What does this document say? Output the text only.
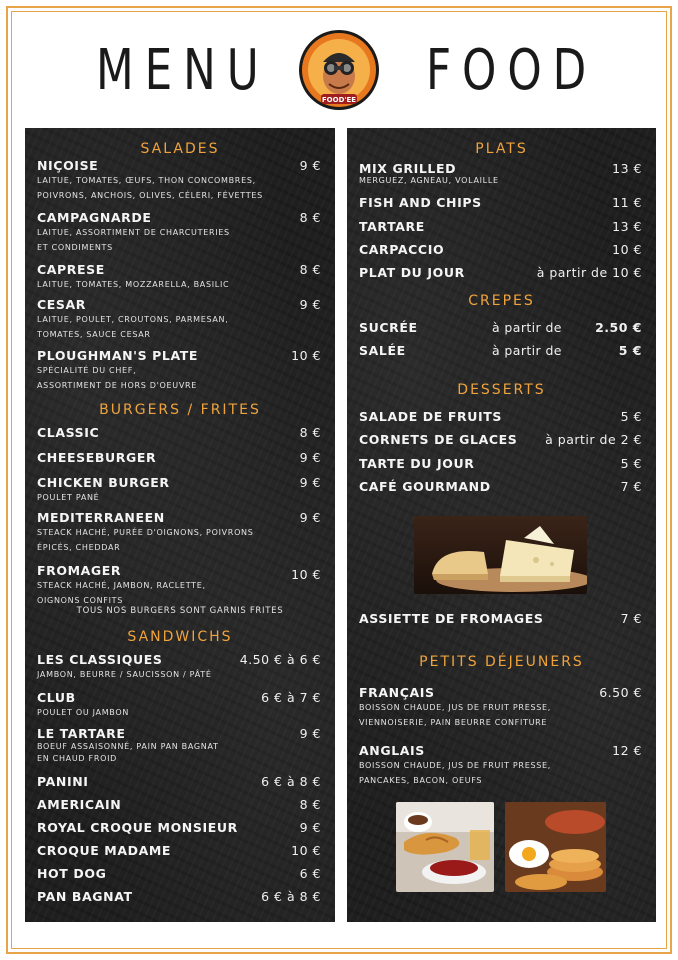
MENU	FOOD'EE FOOD
SALADES
NIÇOISE	9 €
LAITUE, TOMATES, ŒUFS, THON CONCOMBRES,
POIVRONS, ANCHOIS, OLIVES, CÉLERI, FÉVETTES
CAMPAGNARDE	8 €
LAITUE, ASSORTIMENT DE CHARCUTERIES
ET CONDIMENTS
CAPRESE	8 €
LAITUE, TOMATES, MOZZARELLA, BASILIC
CESAR	9 €
LAITUE, POULET, CROUTONS, PARMESAN,
TOMATES, SAUCE CESAR
PLOUGHMAN'S PLATE	10 €
SPÉCIALITÉ DU CHEF,
ASSORTIMENT DE HORS D'OEUVRE
BURGERS / FRITES
CLASSIC	8 €
CHEESEBURGER	9 €
CHICKEN BURGER	9 €
POULET PANÉ
MEDITERRANEEN	9 €
STEACK HACHÉ, PURÉE D'OIGNONS, POIVRONS
ÉPICÉS, CHEDDAR
FROMAGER	10 €
STEACK HACHÉ, JAMBON, RACLETTE,
OIGNONS CONFITS
TOUS NOS BURGERS SONT GARNIS FRITES
SANDWICHS
LES CLASSIQUES	4.50 € à 6 €
JAMBON, BEURRE / SAUCISSON / PÂTÉ
CLUB	6 € à 7 €
POULET OU JAMBON
LE TARTARE	9 €
BOEUF ASSAISONNÉ, PAIN PAN BAGNAT
EN CHAUD FROID
PANINI	6 € à 8 €
AMERICAIN	8 €
ROYAL CROQUE MONSIEUR	9 €
CROQUE MADAME	10 €
HOT DOG	6 €
PAN BAGNAT	6 € à 8 €
PLATS
MIX GRILLED	13 €
MERGUEZ, AGNEAU, VOLAILLE
FISH AND CHIPS	11 €
TARTARE	13 €
CARPACCIO	10 €
PLAT DU JOUR	à partir de 10 €
CREPES
SUCRÉE	à partir de	2.50 €
SALÉE	à partir de	5 €
DESSERTS
SALADE DE FRUITS	5 €
CORNETS DE GLACES	à partir de 2 €
TARTE DU JOUR	5 €
CAFÉ GOURMAND	7 €
ASSIETTE DE FROMAGES	7 €
PETITS DÉJEUNERS
FRANÇAIS	6.50 €
BOISSON CHAUDE, JUS DE FRUIT PRESSE,
VIENNOISERIE, PAIN BEURRE CONFITURE
ANGLAIS	12 €
BOISSON CHAUDE, JUS DE FRUIT PRESSE,
PANCAKES, BACON, OEUFS
